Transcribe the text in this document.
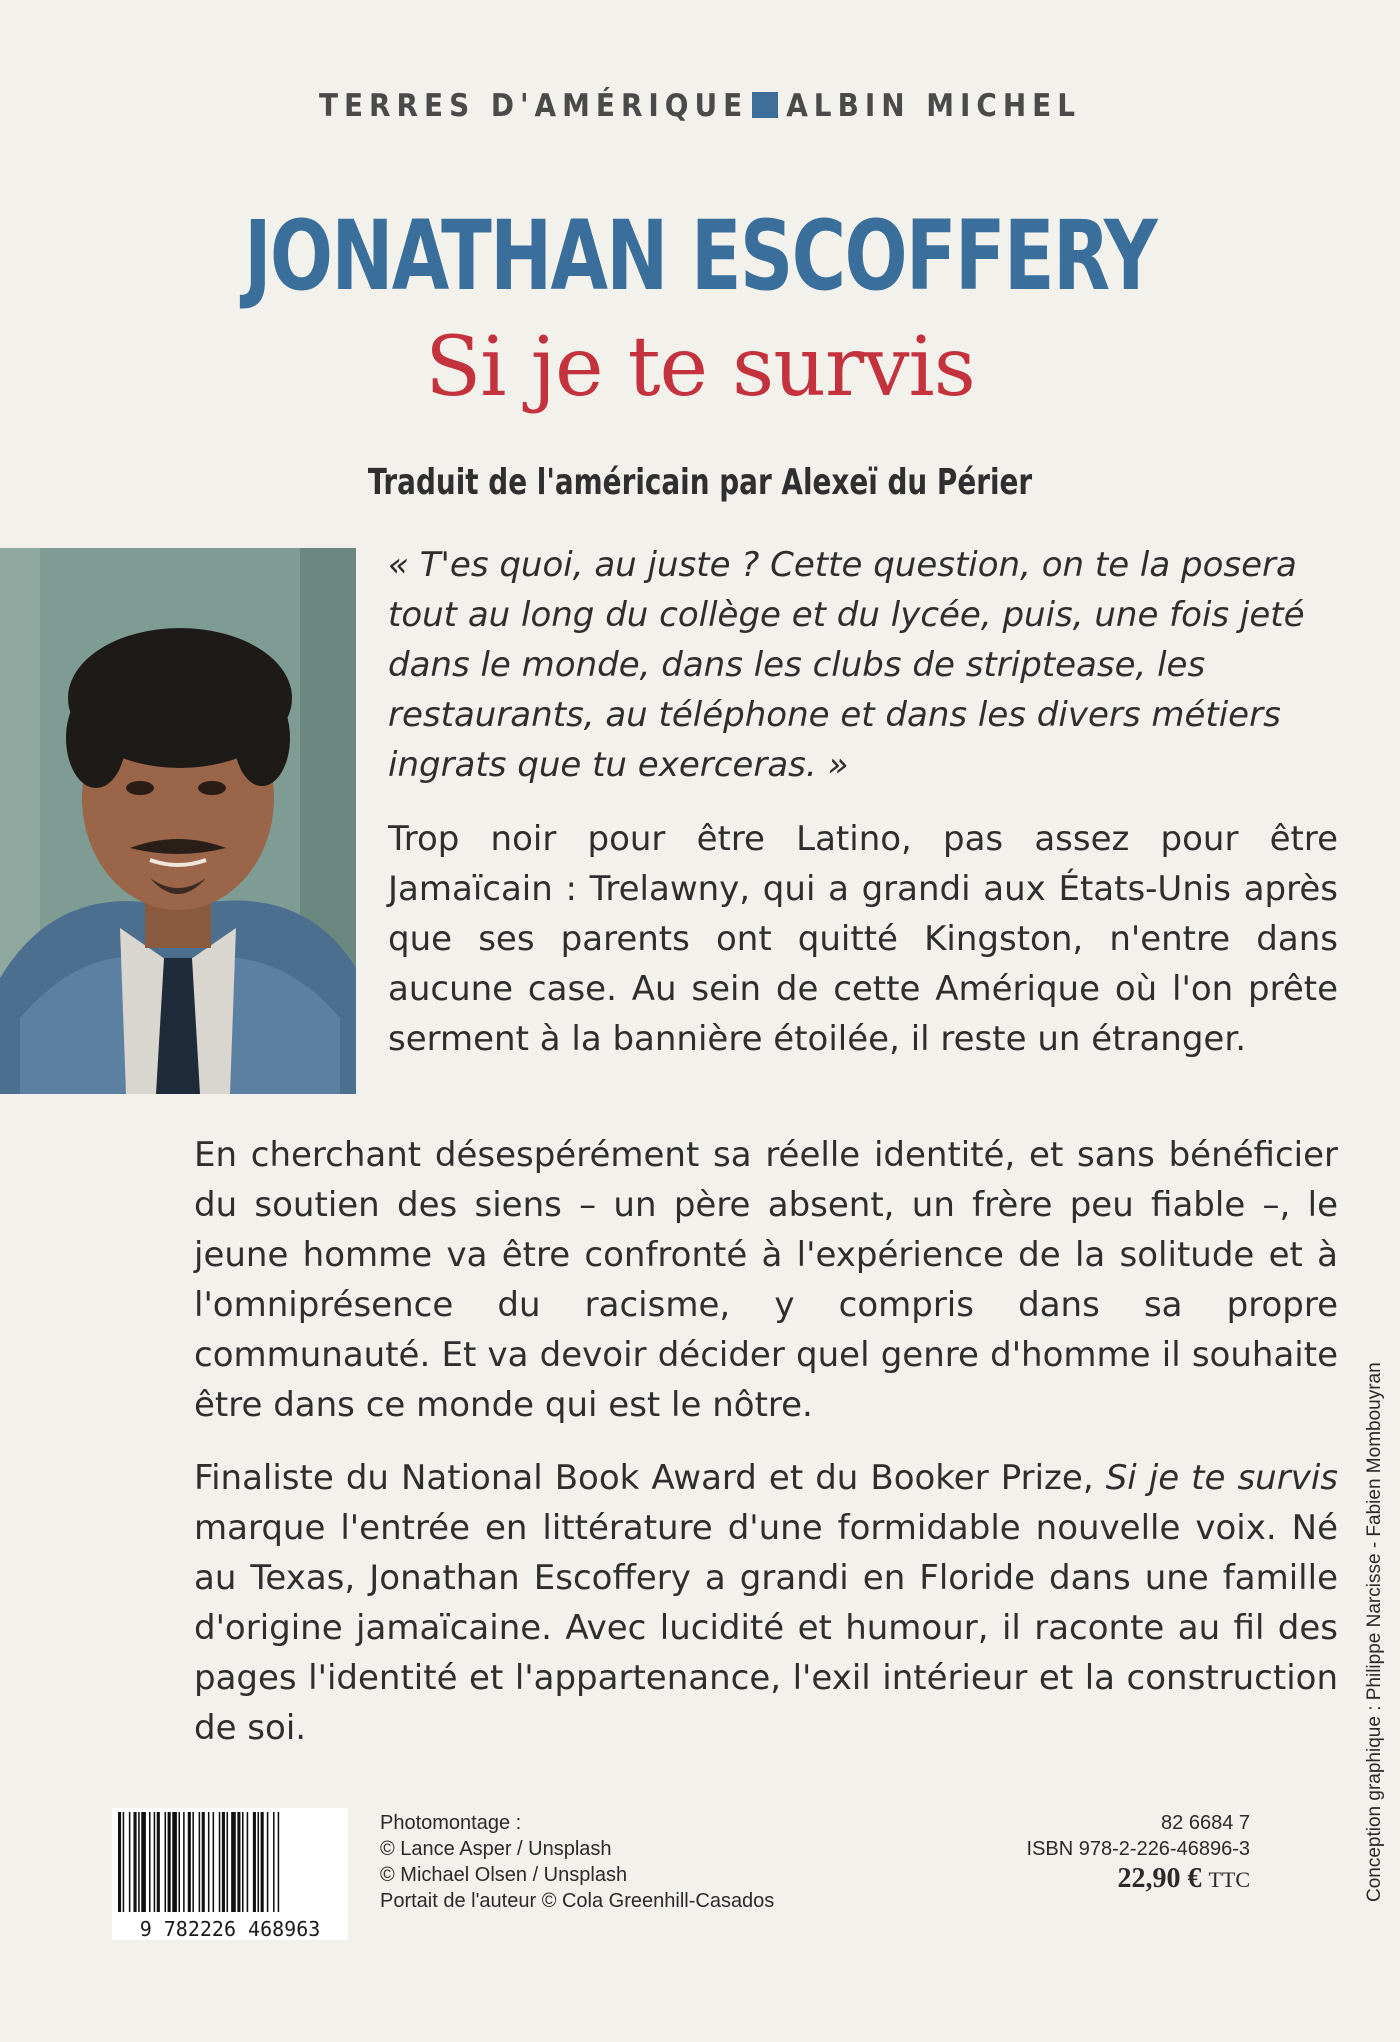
TERRES D'AMÉRIQUE ALBIN MICHEL
JONATHAN ESCOFFERY
Si je te survis
Traduit de l'américain par Alexeï du Périer
« T'es quoi, au juste ? Cette question, on te la posera tout au long du collège et du lycée, puis, une fois jeté dans le monde, dans les clubs de striptease, les restaurants, au téléphone et dans les divers métiers ingrats que tu exerceras. »
Trop noir pour être Latino, pas assez pour être Jamaïcain : Trelawny, qui a grandi aux États-Unis après que ses parents ont quitté Kingston, n'entre dans aucune case. Au sein de cette Amérique où l'on prête serment à la bannière étoilée, il reste un étranger.
En cherchant désespérément sa réelle identité, et sans bénéficier du soutien des siens – un père absent, un frère peu fiable –, le jeune homme va être confronté à l'expérience de la solitude et à l'omniprésence du racisme, y compris dans sa propre communauté. Et va devoir décider quel genre d'homme il souhaite être dans ce monde qui est le nôtre.
Finaliste du National Book Award et du Booker Prize, Si je te survis marque l'entrée en littérature d'une formidable nouvelle voix. Né au Texas, Jonathan Escoffery a grandi en Floride dans une famille d'origine jamaïcaine. Avec lucidité et humour, il raconte au fil des pages l'identité et l'appartenance, l'exil intérieur et la construction de soi.
9 782226 468963
Photomontage :
© Lance Asper / Unsplash
© Michael Olsen / Unsplash
Portait de l'auteur © Cola Greenhill-Casados
82 6684 7
ISBN 978-2-226-46896-3
22,90 € TTC	Conception graphique : Philippe Narcisse - Fabien Mombouyran
